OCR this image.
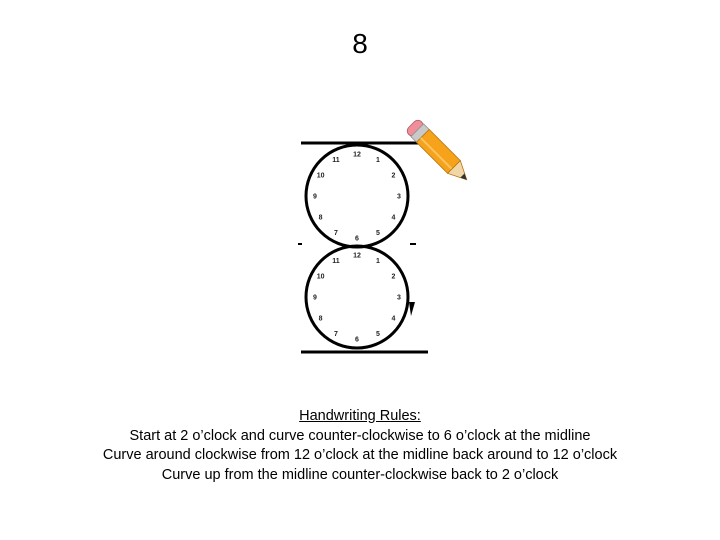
8
12
1
2
3
4
5
6
7
8
9
10
11
12
1
2
3
4
5
6
7
8
9
10
11
Handwriting Rules:
Start at 2 o’clock and curve counter-clockwise to 6 o’clock at the midline
Curve around clockwise from 12 o’clock at the midline back around to 12 o’clock
Curve up from the midline counter-clockwise back to 2 o’clock
